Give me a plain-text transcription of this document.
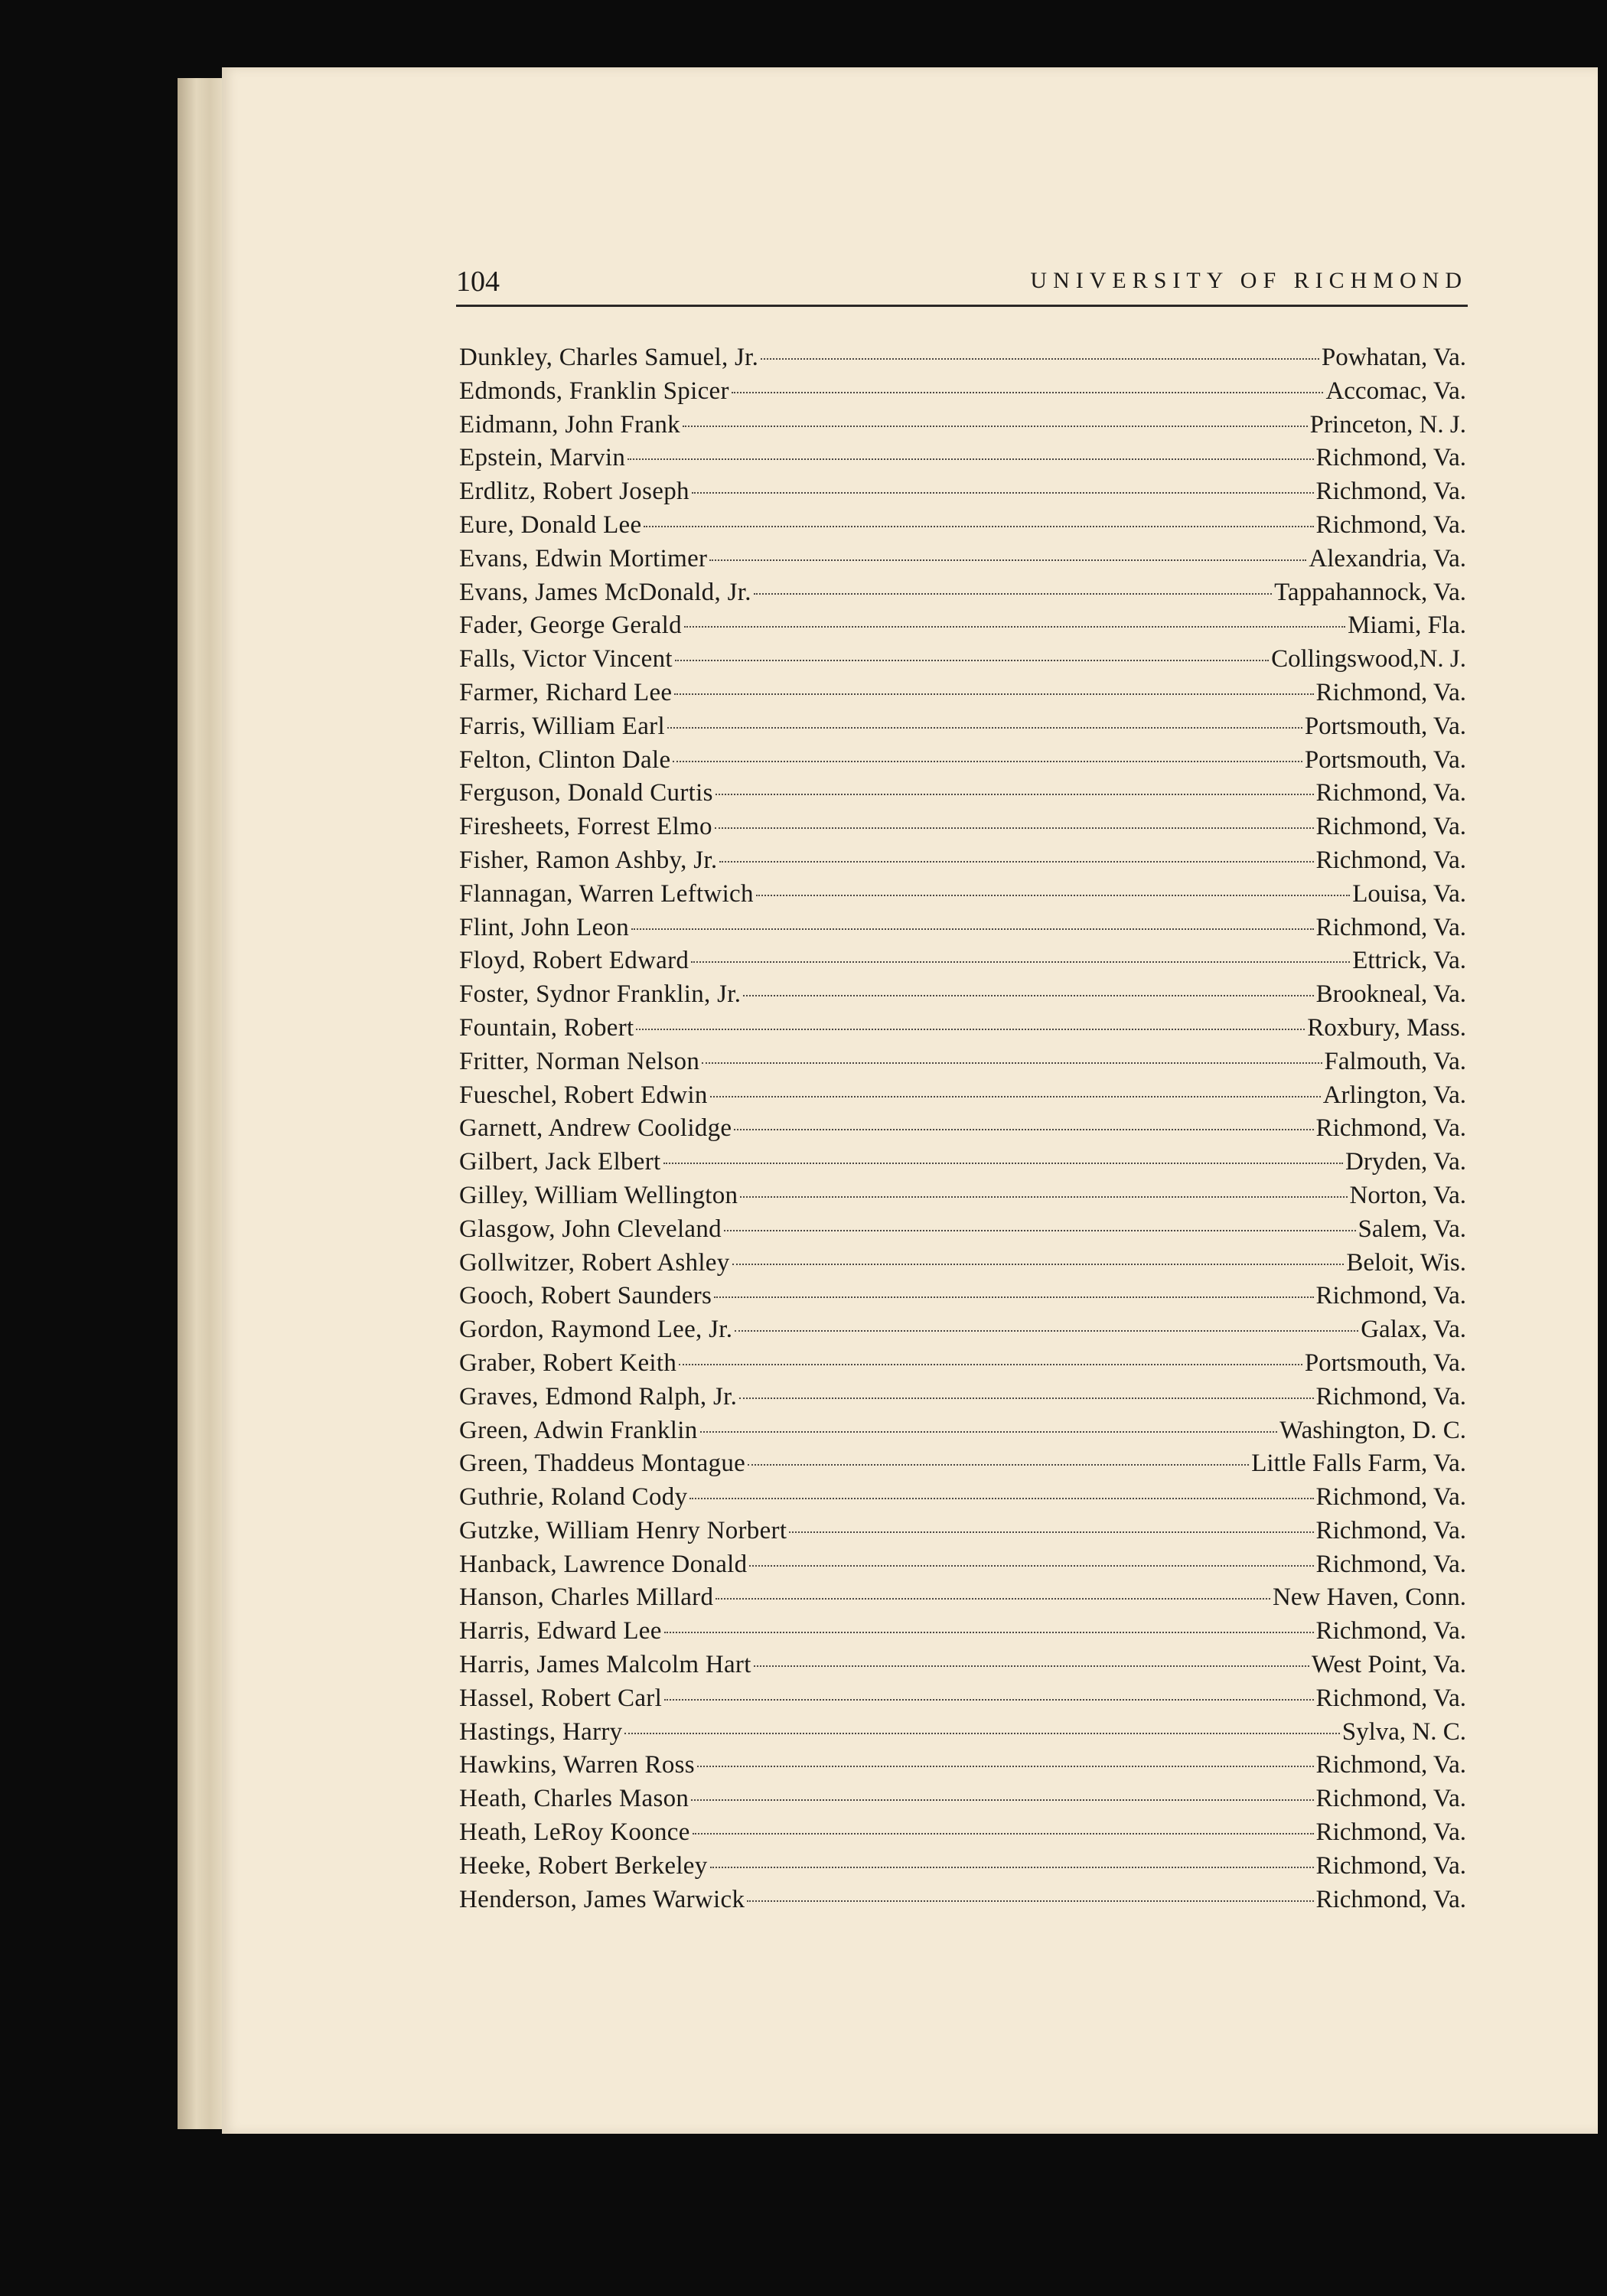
104	UNIVERSITY OF RICHMOND
Dunkley, Charles Samuel, Jr.	Powhatan, Va.
Edmonds, Franklin Spicer	Accomac, Va.
Eidmann, John Frank	Princeton, N. J.
Epstein, Marvin	Richmond, Va.
Erdlitz, Robert Joseph	Richmond, Va.
Eure, Donald Lee	Richmond, Va.
Evans, Edwin Mortimer	Alexandria, Va.
Evans, James McDonald, Jr.	Tappahannock, Va.
Fader, George Gerald	Miami, Fla.
Falls, Victor Vincent	Collingswood,N. J.
Farmer, Richard Lee	Richmond, Va.
Farris, William Earl	Portsmouth, Va.
Felton, Clinton Dale	Portsmouth, Va.
Ferguson, Donald Curtis	Richmond, Va.
Firesheets, Forrest Elmo	Richmond, Va.
Fisher, Ramon Ashby, Jr.	Richmond, Va.
Flannagan, Warren Leftwich	Louisa, Va.
Flint, John Leon	Richmond, Va.
Floyd, Robert Edward	Ettrick, Va.
Foster, Sydnor Franklin, Jr.	Brookneal, Va.
Fountain, Robert	Roxbury, Mass.
Fritter, Norman Nelson	Falmouth, Va.
Fueschel, Robert Edwin	Arlington, Va.
Garnett, Andrew Coolidge	Richmond, Va.
Gilbert, Jack Elbert	Dryden, Va.
Gilley, William Wellington	Norton, Va.
Glasgow, John Cleveland	Salem, Va.
Gollwitzer, Robert Ashley	Beloit, Wis.
Gooch, Robert Saunders	Richmond, Va.
Gordon, Raymond Lee, Jr.	Galax, Va.
Graber, Robert Keith	Portsmouth, Va.
Graves, Edmond Ralph, Jr.	Richmond, Va.
Green, Adwin Franklin	Washington, D. C.
Green, Thaddeus Montague	Little Falls Farm, Va.
Guthrie, Roland Cody	Richmond, Va.
Gutzke, William Henry Norbert	Richmond, Va.
Hanback, Lawrence Donald	Richmond, Va.
Hanson, Charles Millard	New Haven, Conn.
Harris, Edward Lee	Richmond, Va.
Harris, James Malcolm Hart	West Point, Va.
Hassel, Robert Carl	Richmond, Va.
Hastings, Harry	Sylva, N. C.
Hawkins, Warren Ross	Richmond, Va.
Heath, Charles Mason	Richmond, Va.
Heath, LeRoy Koonce	Richmond, Va.
Heeke, Robert Berkeley	Richmond, Va.
Henderson, James Warwick	Richmond, Va.
